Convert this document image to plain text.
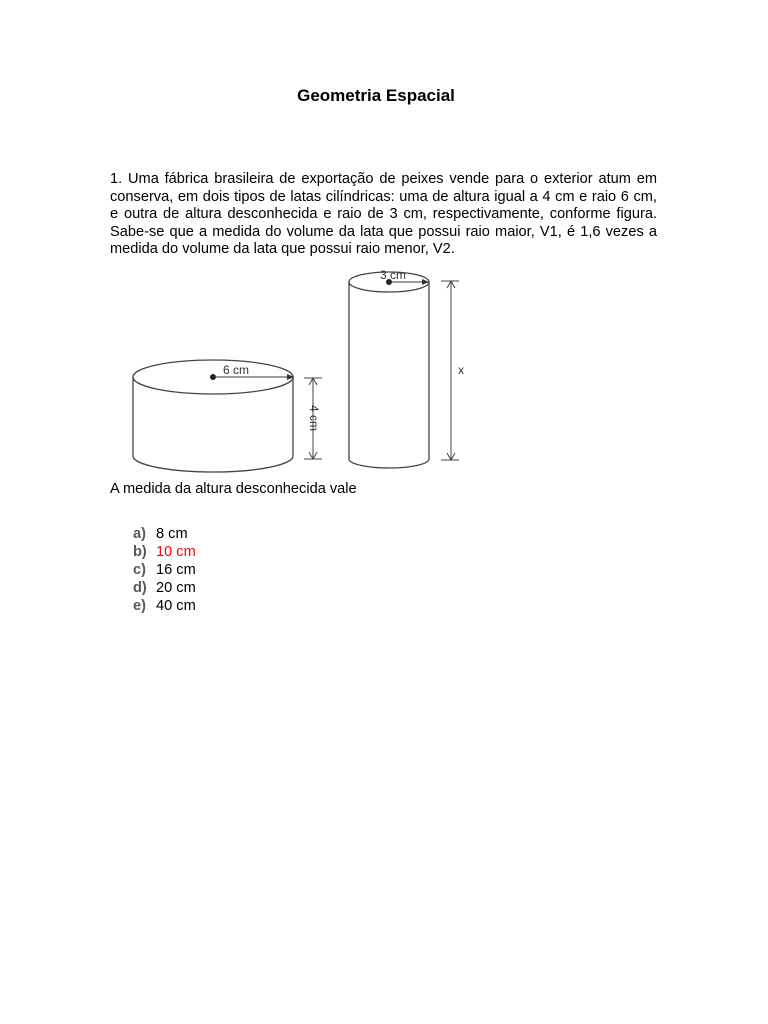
Geometria Espacial

1. Uma fábrica brasileira de exportação de peixes vende para o exterior atum em conserva, em dois tipos de latas cilíndricas: uma de altura igual a 4 cm e raio 6 cm, e outra de altura desconhecida e raio de 3 cm, respectivamente, conforme figura. Sabe-se que a medida do volume da lata que possui raio maior, V1, é 1,6 vezes a medida do volume da lata que possui raio menor, V2.

6 cm
4 cm
3 cm
x

A medida da altura desconhecida vale

a) 8 cm
b) 10 cm
c) 16 cm
d) 20 cm
e) 40 cm
